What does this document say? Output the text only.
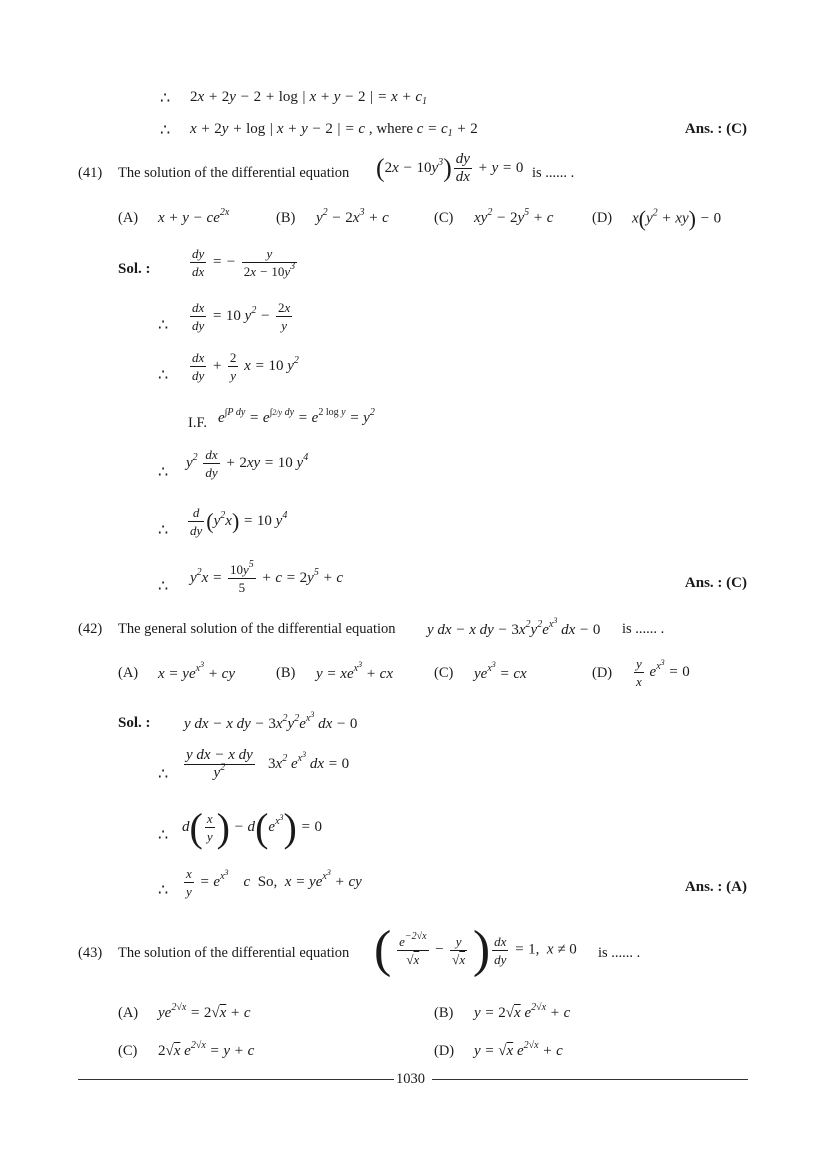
∴ 2x + 2y − 2 + log | x + y − 2 | = $x + c_1$
∴ x + 2y + log | x + y − 2 | = c , where $c = c_1 + 2$	Ans. : (C)
(41) The solution of the differential equation $(2x - 10y^3) \frac{dy}{dx} + y = 0$ is ...... .
(A) $x + y - ce^{2x}$	(B) $y^2 - 2x^3 + c$	(C) $xy^2 - 2y^5 + c$	(D) $x(y^2 + xy) - 0$
Sol. :	$\frac{dy}{dx}$ = − $\frac{y}{2x - 10y^3}$
∴ $\frac{dx}{dy} = 10$ $y^2 - \frac{2x}{y}$
∴ $\frac{dx}{dy} + \frac{2}{y}$ x = 10 $y^2$
I.F. $e^{\int P dy} = e^{\int 2/y dy} = e^{2 log y} = y^2$
∴
$y^2 \frac{dx}{dy} + 2xy = 10$ $y^4$
∴ $\frac{d}{dy} (y^2x) = 10$ $y^4$
∴
$y^2x = \frac{10y^5}{5} + c = 2y^5 + c$	Ans. : (C)
(42) The general solution of the differential equation y dx − x dy − $3x^2y^2e^{x^3}$ dx − 0 is ...... .
(A) $x = ye^{x^3}$ + cy	(B) $y = xe^{x^3}$ + cx	(C) $ye^{x^3}$ = cx	$(D) \frac{y}{x} e^{x^3} = 0$
Sol. : y dx − x dy − $3x^2y^2e^{x^3}$ dx − 0
∴ $\frac{\text{y dx − x dy}}{y^2} 3x^2$ $e^{x^3}$ dx = 0
∴
$d( \frac{x}{y}$ ) − $d(e^{x^3}) = 0$
∴ $\frac{x}{y} = e^{x^3}$    c  So,  $x = ye^{x^3}$ + cy	Ans. : (A)
(43) The solution of the differential equation ( $\frac{e^{-2√x}}{√x} - \frac{y}{√x}$ ) $\frac{dx}{dy} = 1$,  x ≠ 0 is ...... .
(A) $ye^{2√x} = 2√x + c$	(B) y = 2√x $e^{2√x} + c$
(C) 2√x $e^{2√x} = y + c$	(D) y = √x $e^{2√x} + c$
1030
